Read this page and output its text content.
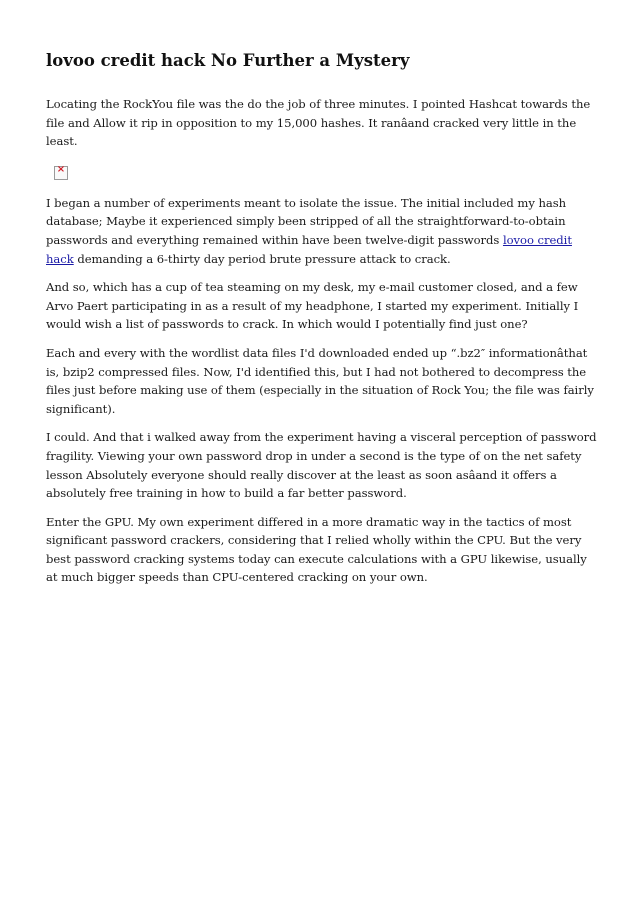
lovoo credit hack No Further a Mystery

Locating the RockYou file was the do the job of three minutes. I pointed Hashcat towards the file and Allow it rip in opposition to my 15,000 hashes. It ranâand cracked very little in the least.

×

I began a number of experiments meant to isolate the issue. The initial included my hash database; Maybe it experienced simply been stripped of all the straightforward-to-obtain passwords and everything remained within have been twelve-digit passwords lovoo credit hack demanding a 6-thirty day period brute pressure attack to crack.

And so, which has a cup of tea steaming on my desk, my e-mail customer closed, and a few Arvo Paert participating in as a result of my headphone, I started my experiment. Initially I would wish a list of passwords to crack. In which would I potentially find just one?

Each and every with the wordlist data files I'd downloaded ended up “.bz2″ informationâthat is, bzip2 compressed files. Now, I'd identified this, but I had not bothered to decompress the files just before making use of them (especially in the situation of Rock You; the file was fairly significant).

I could. And that i walked away from the experiment having a visceral perception of password fragility. Viewing your own password drop in under a second is the type of on the net safety lesson Absolutely everyone should really discover at the least as soon asâand it offers a absolutely free training in how to build a far better password.

Enter the GPU. My own experiment differed in a more dramatic way in the tactics of most significant password crackers, considering that I relied wholly within the CPU. But the very best password cracking systems today can execute calculations with a GPU likewise, usually at much bigger speeds than CPU-centered cracking on your own.
